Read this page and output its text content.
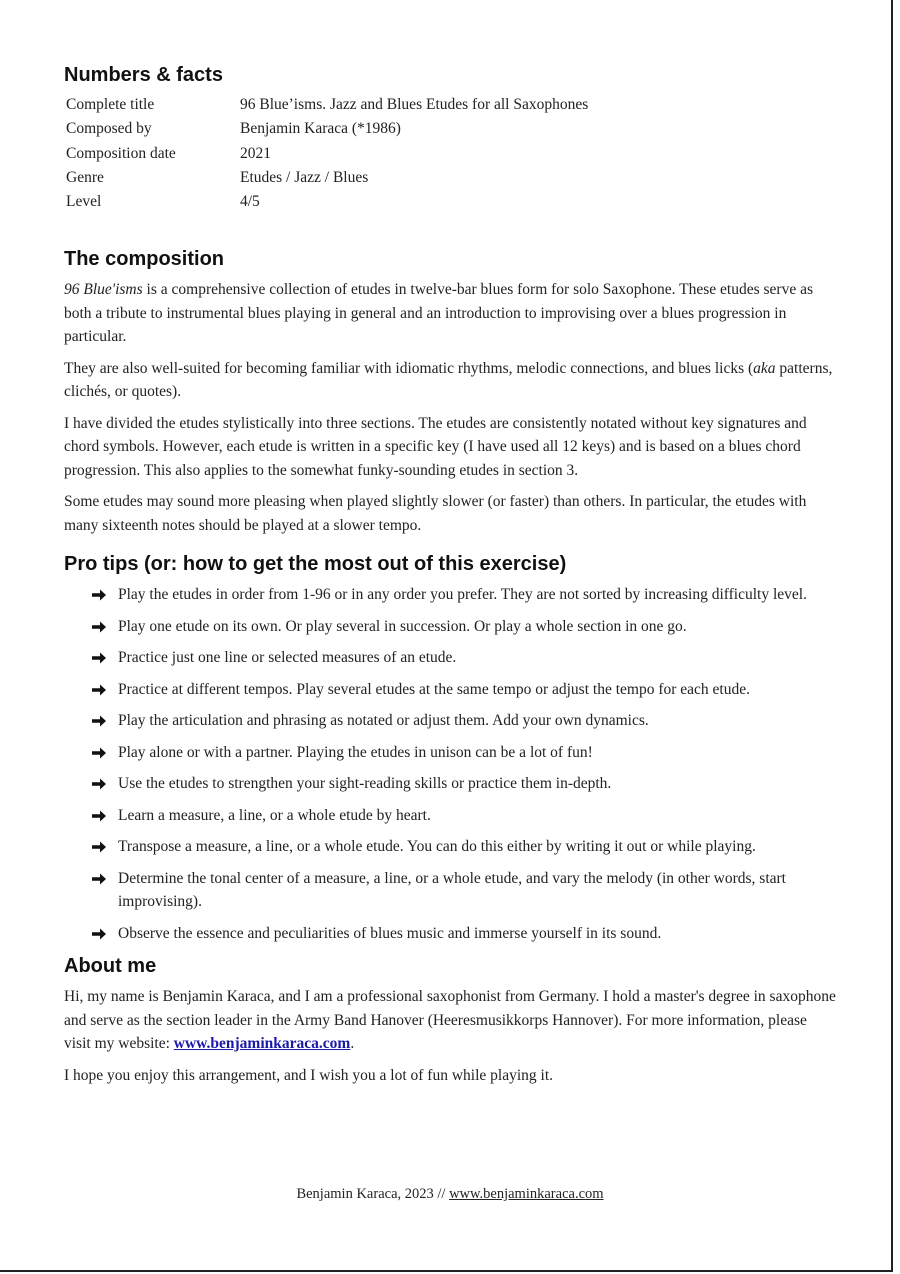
Numbers & facts
Complete title	96 Blue’isms. Jazz and Blues Etudes for all Saxophones
Composed by	Benjamin Karaca (*1986)
Composition date	2021
Genre	Etudes / Jazz / Blues
Level	4/5
The composition

96 Blue'isms is a comprehensive collection of etudes in twelve-bar blues form for solo Saxophone. These etudes serve as both a tribute to instrumental blues playing in general and an introduction to improvising over a blues progression in particular.

They are also well-suited for becoming familiar with idiomatic rhythms, melodic connections, and blues licks (aka patterns, clichés, or quotes).

I have divided the etudes stylistically into three sections. The etudes are consistently notated without key signatures and chord symbols. However, each etude is written in a specific key (I have used all 12 keys) and is based on a blues chord progression. This also applies to the somewhat funky-sounding etudes in section 3.

Some etudes may sound more pleasing when played slightly slower (or faster) than others. In particular, the etudes with many sixteenth notes should be played at a slower tempo.

Pro tips (or: how to get the most out of this exercise)
Play the etudes in order from 1-96 or in any order you prefer. They are not sorted by increasing difficulty level.
Play one etude on its own. Or play several in succession. Or play a whole section in one go.
Practice just one line or selected measures of an etude.
Practice at different tempos. Play several etudes at the same tempo or adjust the tempo for each etude.
Play the articulation and phrasing as notated or adjust them. Add your own dynamics.
Play alone or with a partner. Playing the etudes in unison can be a lot of fun!
Use the etudes to strengthen your sight-reading skills or practice them in-depth.
Learn a measure, a line, or a whole etude by heart.
Transpose a measure, a line, or a whole etude. You can do this either by writing it out or while playing.
Determine the tonal center of a measure, a line, or a whole etude, and vary the melody (in other words, start improvising).
Observe the essence and peculiarities of blues music and immerse yourself in its sound.
About me

Hi, my name is Benjamin Karaca, and I am a professional saxophonist from Germany. I hold a master's degree in saxophone and serve as the section leader in the Army Band Hanover (Heeresmusikkorps Hannover). For more information, please visit my website: www.benjaminkaraca.com.

I hope you enjoy this arrangement, and I wish you a lot of fun while playing it.

Benjamin Karaca, 2023 // www.benjaminkaraca.com
